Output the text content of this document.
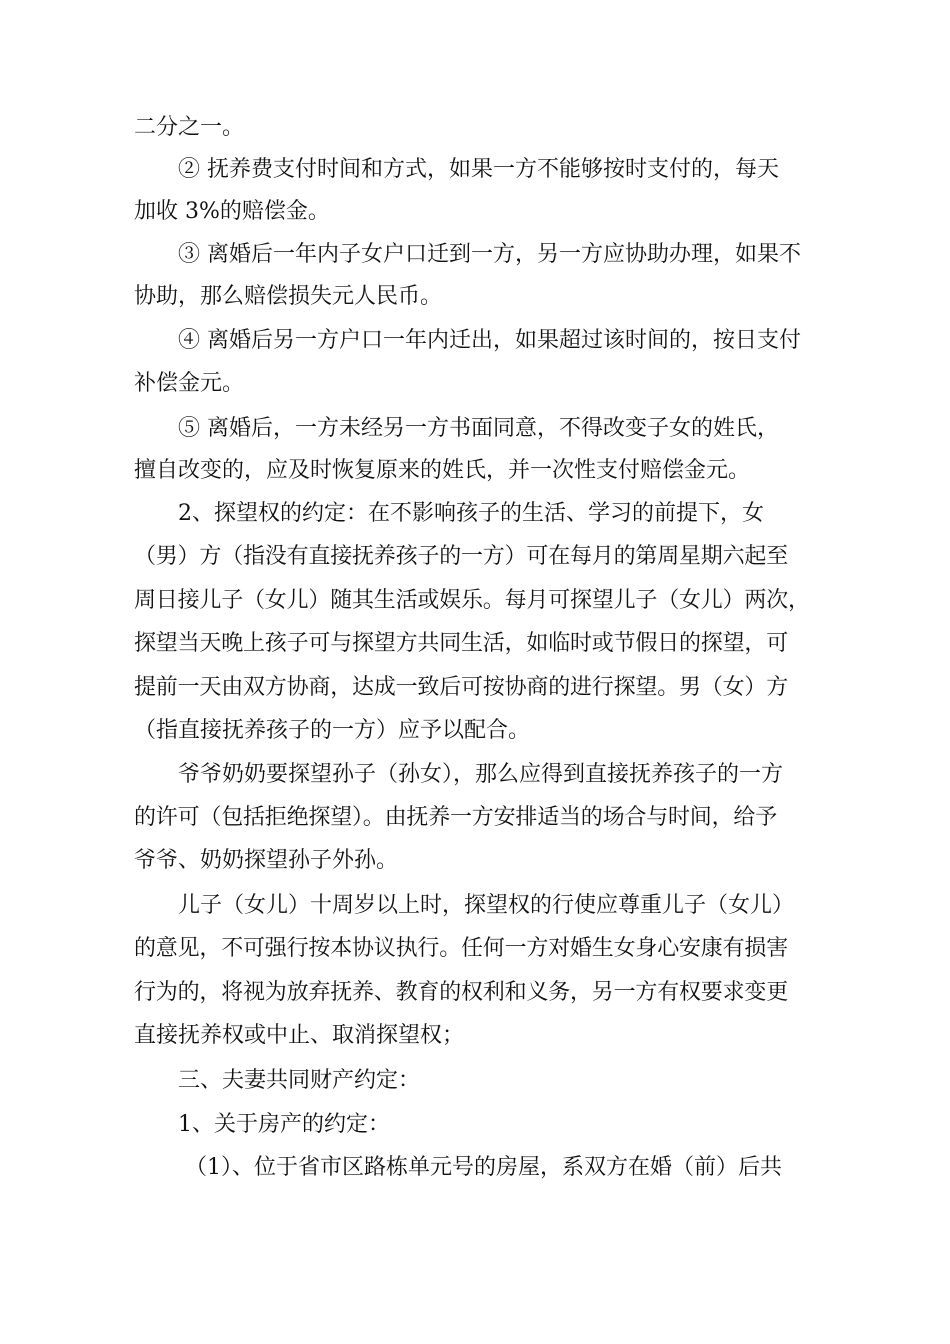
二分之一。
② 抚养费支付时间和方式，如果一方不能够按时支付的，每天
加收 3%的赔偿金。
③ 离婚后一年内子女户口迁到一方，另一方应协助办理，如果不
协助，那么赔偿损失元人民币。
④ 离婚后另一方户口一年内迁出，如果超过该时间的，按日支付
补偿金元。
⑤ 离婚后，一方未经另一方书面同意，不得改变子女的姓氏，
擅自改变的，应及时恢复原来的姓氏，并一次性支付赔偿金元。
2、探望权的约定：在不影响孩子的生活、学习的前提下，女
（男）方（指没有直接抚养孩子的一方）可在每月的第周星期六起至
周日接儿子（女儿）随其生活或娱乐。每月可探望儿子（女儿）两次，
探望当天晚上孩子可与探望方共同生活，如临时或节假日的探望，可
提前一天由双方协商，达成一致后可按协商的进行探望。男（女）方
（指直接抚养孩子的一方）应予以配合。
爷爷奶奶要探望孙子（孙女），那么应得到直接抚养孩子的一方
的许可（包括拒绝探望）。由抚养一方安排适当的场合与时间，给予
爷爷、奶奶探望孙子外孙。
儿子（女儿）十周岁以上时，探望权的行使应尊重儿子（女儿）
的意见，不可强行按本协议执行。任何一方对婚生女身心安康有损害
行为的，将视为放弃抚养、教育的权利和义务，另一方有权要求变更
直接抚养权或中止、取消探望权；
三、夫妻共同财产约定：
1、关于房产的约定：
（1）、位于省市区路栋单元号的房屋，系双方在婚（前）后共
